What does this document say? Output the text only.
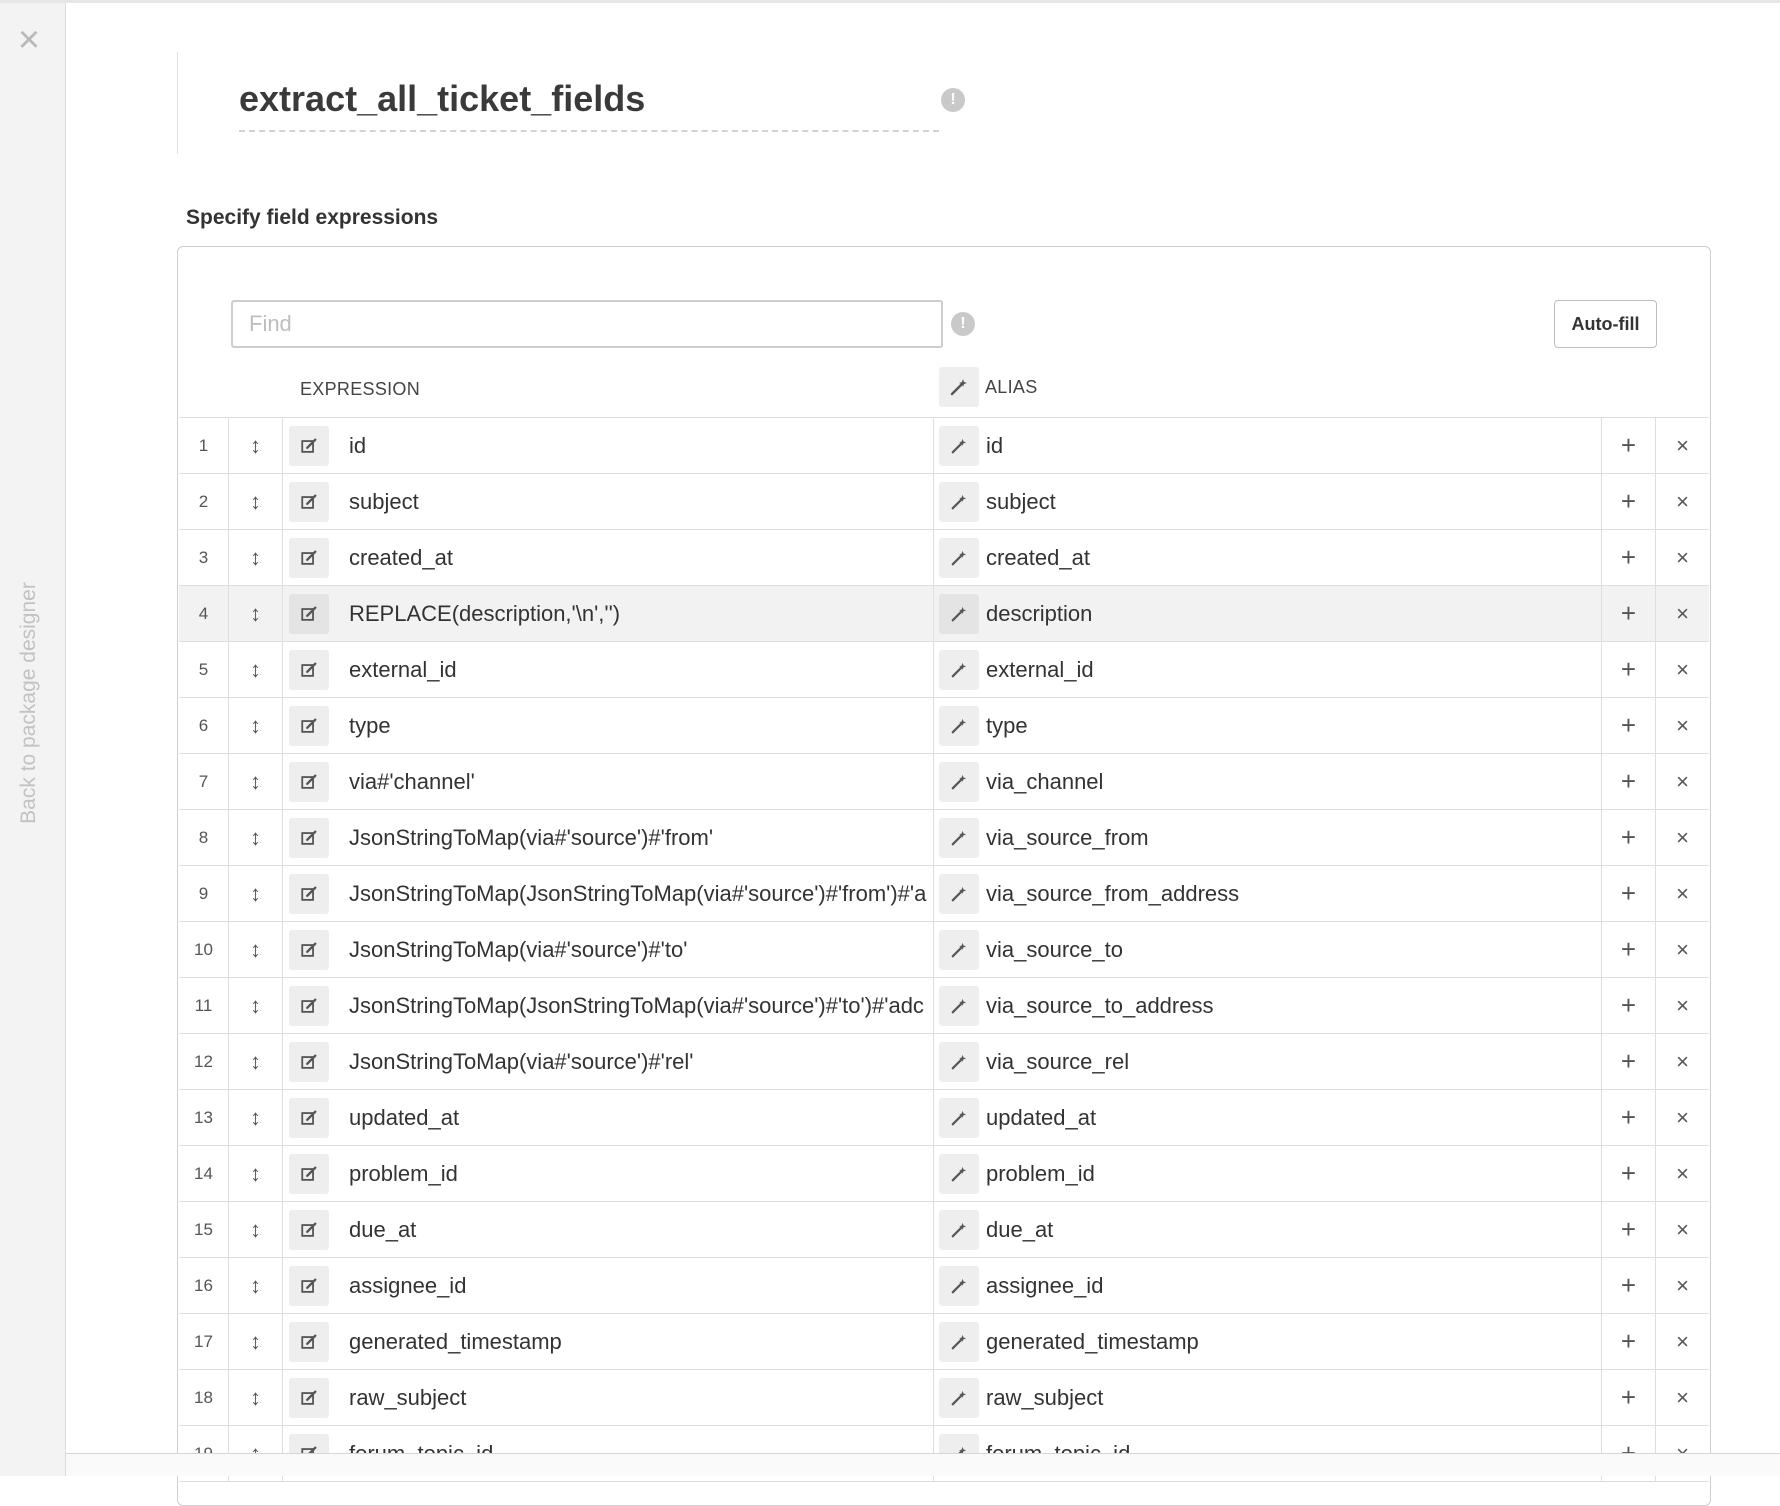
×
Back to package designer
extract_all_ticket_fields	!
Specify field expressions
Find
!	Auto-fill
EXPRESSION	ALIAS
1	↕	id	id	+	×
2	↕	subject	subject	+	×
3	↕	created_at	created_at	+	×
4	↕	REPLACE(description,'\n','')	description	+	×
5	↕	external_id	external_id	+	×
6	↕	type	type	+	×
7	↕	via#'channel'	via_channel	+	×
8	↕	JsonStringToMap(via#'source')#'from'	via_source_from	+	×
9	↕	JsonStringToMap(JsonStringToMap(via#'source')#'from')#'a	via_source_from_address	+	×
10	↕	JsonStringToMap(via#'source')#'to'	via_source_to	+	×
11	↕	JsonStringToMap(JsonStringToMap(via#'source')#'to')#'adc	via_source_to_address	+	×
12	↕	JsonStringToMap(via#'source')#'rel'	via_source_rel	+	×
13	↕	updated_at	updated_at	+	×
14	↕	problem_id	problem_id	+	×
15	↕	due_at	due_at	+	×
16	↕	assignee_id	assignee_id	+	×
17	↕	generated_timestamp	generated_timestamp	+	×
18	↕	raw_subject	raw_subject	+	×
